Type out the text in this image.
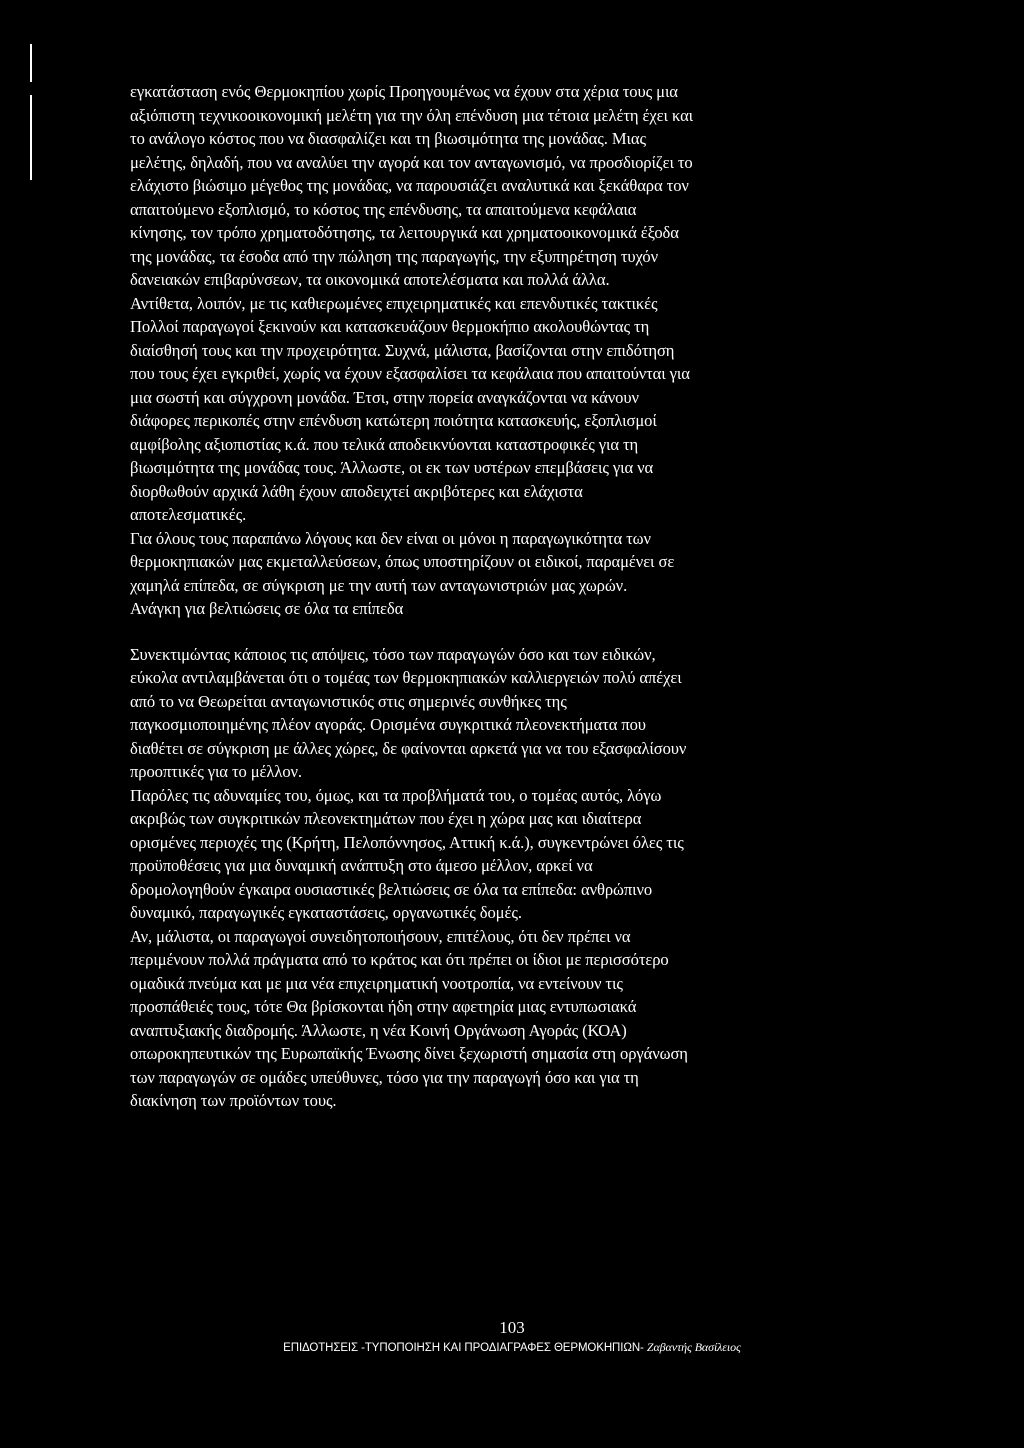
εγκατάσταση ενός Θερμοκηπίου χωρίς Προηγουμένως να έχουν στα χέρια τους μια

αξιόπιστη τεχνικοοικονομική μελέτη για την όλη επένδυση μια τέτοια μελέτη έχει και

το ανάλογο κόστος που να διασφαλίζει και τη βιωσιμότητα της μονάδας. Μιας

μελέτης, δηλαδή, που να αναλύει την αγορά και τον ανταγωνισμό, να προσδιορίζει το

ελάχιστο βιώσιμο μέγεθος της μονάδας, να παρουσιάζει αναλυτικά και ξεκάθαρα τον

απαιτούμενο εξοπλισμό, το κόστος της επένδυσης, τα απαιτούμενα κεφάλαια

κίνησης, τον τρόπο χρηματοδότησης, τα λειτουργικά και χρηματοοικονομικά έξοδα

της μονάδας, τα έσοδα από την πώληση της παραγωγής, την εξυπηρέτηση τυχόν

δανειακών επιβαρύνσεων, τα οικονομικά αποτελέσματα και πολλά άλλα.

Αντίθετα, λοιπόν, με τις καθιερωμένες επιχειρηματικές και επενδυτικές τακτικές

Πολλοί παραγωγοί ξεκινούν και κατασκευάζουν θερμοκήπιο ακολουθώντας τη

διαίσθησή τους και την προχειρότητα. Συχνά, μάλιστα, βασίζονται στην επιδότηση

που τους έχει εγκριθεί, χωρίς να έχουν εξασφαλίσει τα κεφάλαια που απαιτούνται για

μια σωστή και σύγχρονη μονάδα. Έτσι, στην πορεία αναγκάζονται να κάνουν

διάφορες περικοπές στην επένδυση κατώτερη ποιότητα κατασκευής, εξοπλισμοί

αμφίβολης αξιοπιστίας κ.ά. που τελικά αποδεικνύονται καταστροφικές για τη

βιωσιμότητα της μονάδας τους. Άλλωστε, οι εκ των υστέρων επεμβάσεις για να

διορθωθούν αρχικά λάθη έχουν αποδειχτεί ακριβότερες και ελάχιστα

αποτελεσματικές.

Για όλους τους παραπάνω λόγους και δεν είναι οι μόνοι η παραγωγικότητα των

θερμοκηπιακών μας εκμεταλλεύσεων, όπως υποστηρίζουν οι ειδικοί, παραμένει σε

χαμηλά επίπεδα, σε σύγκριση με την αυτή των ανταγωνιστριών μας χωρών.

Ανάγκη για βελτιώσεις σε όλα τα επίπεδα

Συνεκτιμώντας κάποιος τις απόψεις, τόσο των παραγωγών όσο και των ειδικών,

εύκολα αντιλαμβάνεται ότι ο τομέας των θερμοκηπιακών καλλιεργειών πολύ απέχει

από το να Θεωρείται ανταγωνιστικός στις σημερινές συνθήκες της

παγκοσμιοποιημένης πλέον αγοράς. Ορισμένα συγκριτικά πλεονεκτήματα που

διαθέτει σε σύγκριση με άλλες χώρες, δε φαίνονται αρκετά για να του εξασφαλίσουν

προοπτικές για το μέλλον.

Παρόλες τις αδυναμίες του, όμως, και τα προβλήματά του, ο τομέας αυτός, λόγω

ακριβώς των συγκριτικών πλεονεκτημάτων που έχει η χώρα μας και ιδιαίτερα

ορισμένες περιοχές της (Κρήτη, Πελοπόννησος, Αττική κ.ά.), συγκεντρώνει όλες τις

προϋποθέσεις για μια δυναμική ανάπτυξη στο άμεσο μέλλον, αρκεί να

δρομολογηθούν έγκαιρα ουσιαστικές βελτιώσεις σε όλα τα επίπεδα: ανθρώπινο

δυναμικό, παραγωγικές εγκαταστάσεις, οργανωτικές δομές.

Αν, μάλιστα, οι παραγωγοί συνειδητοποιήσουν, επιτέλους, ότι δεν πρέπει να

περιμένουν πολλά πράγματα από το κράτος και ότι πρέπει οι ίδιοι με περισσότερο

ομαδικά πνεύμα και με μια νέα επιχειρηματική νοοτροπία, να εντείνουν τις

προσπάθειές τους, τότε Θα βρίσκονται ήδη στην αφετηρία μιας εντυπωσιακά

αναπτυξιακής διαδρομής. Άλλωστε, η νέα Κοινή Οργάνωση Αγοράς (ΚΟΑ)

οπωροκηπευτικών της Ευρωπαϊκής Ένωσης δίνει ξεχωριστή σημασία στη οργάνωση

των παραγωγών σε ομάδες υπεύθυνες, τόσο για την παραγωγή όσο και για τη

διακίνηση των προϊόντων τους.

103
ΕΠΙΔΟΤΗΣΕΙΣ -ΤΥΠΟΠΟΙΗΣΗ ΚΑΙ ΠΡΟΔΙΑΓΡΑΦΕΣ ΘΕΡΜΟΚΗΠΙΩΝ- Ζαβαντής Βασίλειος
